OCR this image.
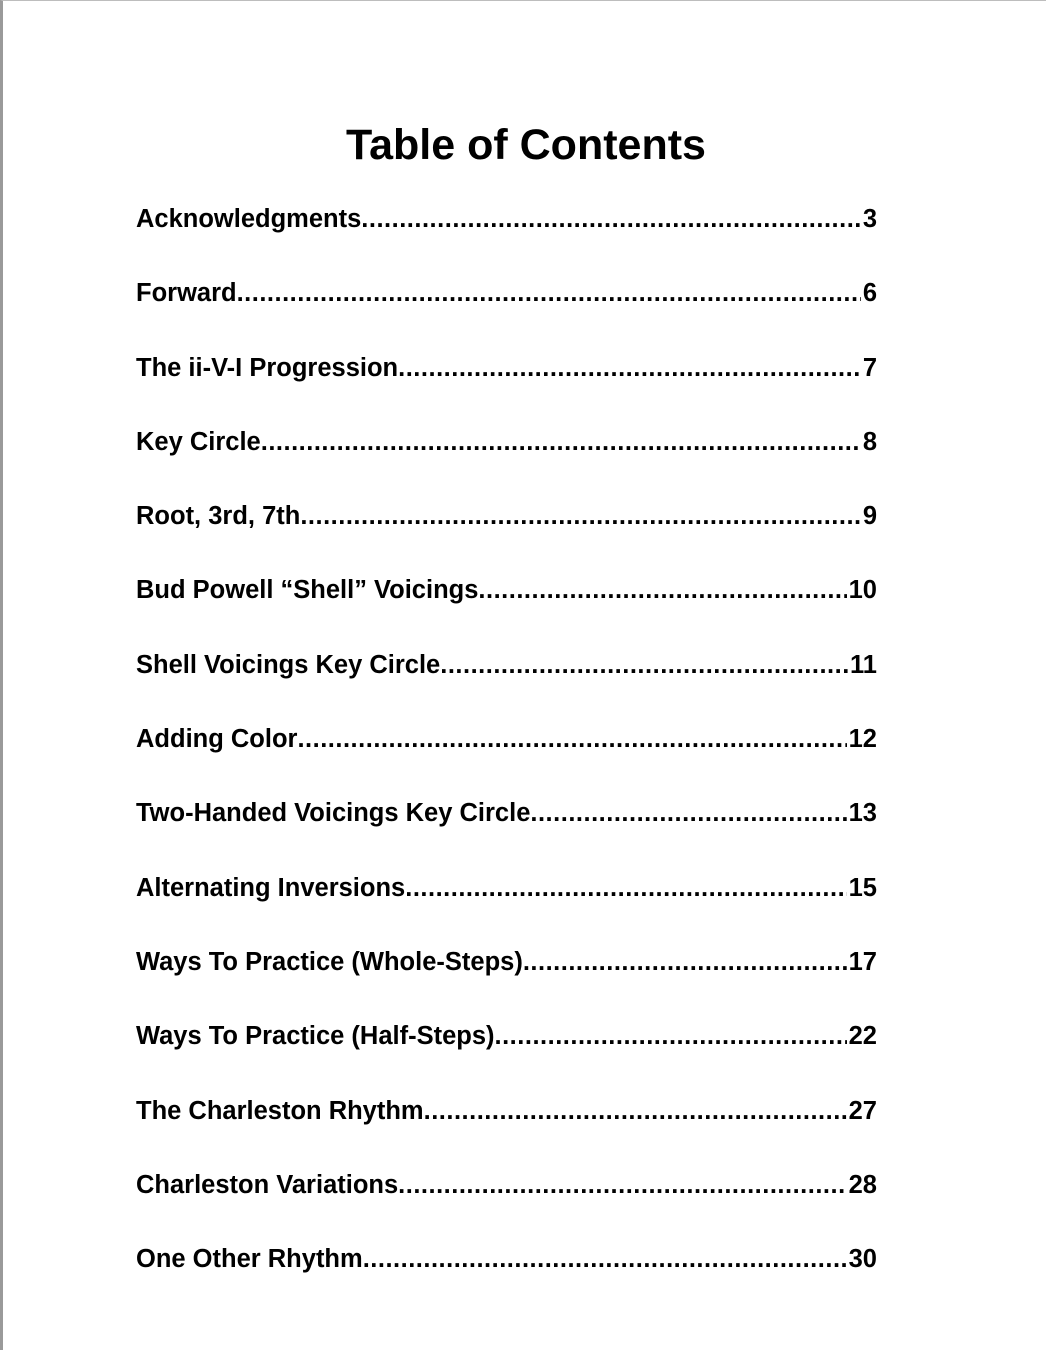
Table of Contents
Acknowledgments .....	3
Forward .....	6
The ii-V-I Progression .....	7
Key Circle .....	8
Root, 3rd, 7th .....	9
Bud Powell “Shell” Voicings .....	10
Shell Voicings Key Circle .....	11
Adding Color .....	12
Two-Handed Voicings Key Circle .....	13
Alternating Inversions .....	15
Ways To Practice (Whole-Steps) .....	17
Ways To Practice (Half-Steps) .....	22
The Charleston Rhythm .....	27
Charleston Variations .....	28
One Other Rhythm .....	30
